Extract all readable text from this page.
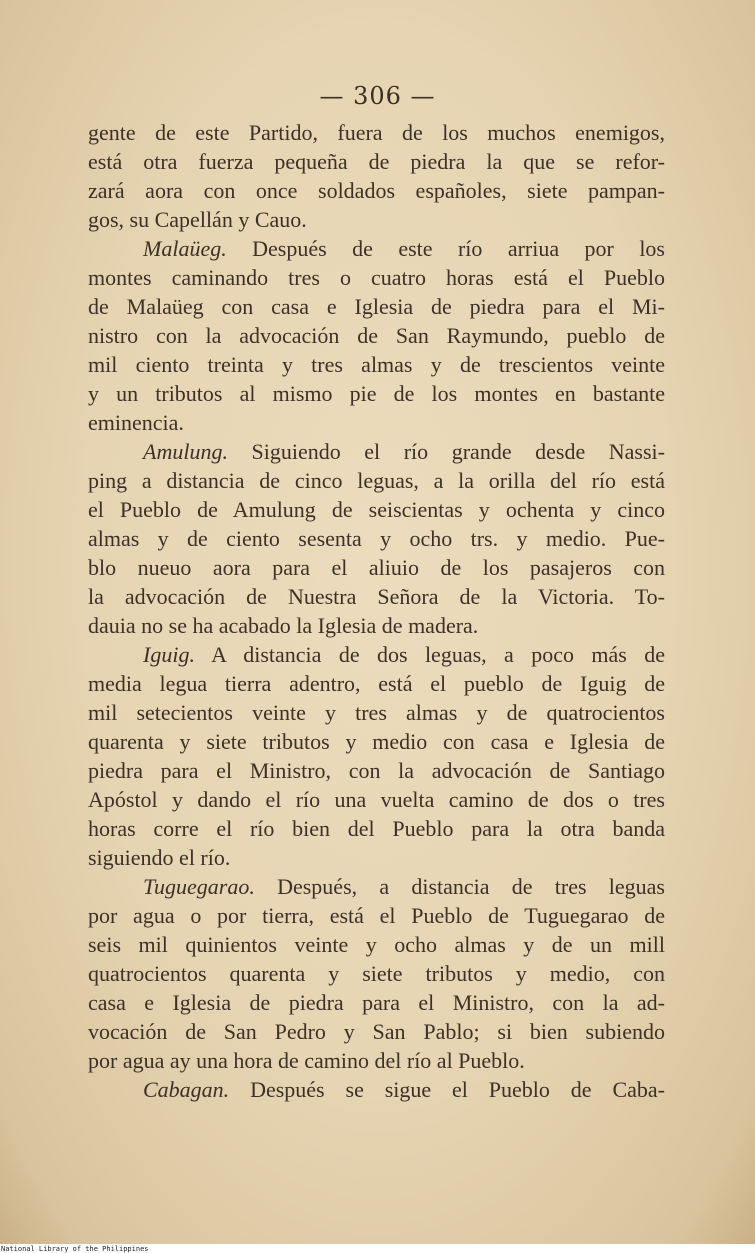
— 306 —
gente de este Partido, fuera de los muchos enemigos,
está otra fuerza pequeña de piedra la que se refor-
zará aora con once soldados españoles, siete pampan-
gos, su Capellán y Cauo.
Malaüeg. Después de este río arriua por los
montes caminando tres o cuatro horas está el Pueblo
de Malaüeg con casa e Iglesia de piedra para el Mi-
nistro con la advocación de San Raymundo, pueblo de
mil ciento treinta y tres almas y de trescientos veinte
y un tributos al mismo pie de los montes en bastante
eminencia.
Amulung. Siguiendo el río grande desde Nassi-
ping a distancia de cinco leguas, a la orilla del río está
el Pueblo de Amulung de seiscientas y ochenta y cinco
almas y de ciento sesenta y ocho trs. y medio. Pue-
blo nueuo aora para el aliuio de los pasajeros con
la advocación de Nuestra Señora de la Victoria. To-
dauia no se ha acabado la Iglesia de madera.
Iguig. A distancia de dos leguas, a poco más de
media legua tierra adentro, está el pueblo de Iguig de
mil setecientos veinte y tres almas y de quatrocientos
quarenta y siete tributos y medio con casa e Iglesia de
piedra para el Ministro, con la advocación de Santiago
Apóstol y dando el río una vuelta camino de dos o tres
horas corre el río bien del Pueblo para la otra banda
siguiendo el río.
Tuguegarao. Después, a distancia de tres leguas
por agua o por tierra, está el Pueblo de Tuguegarao de
seis mil quinientos veinte y ocho almas y de un mill
quatrocientos quarenta y siete tributos y medio, con
casa e Iglesia de piedra para el Ministro, con la ad-
vocación de San Pedro y San Pablo; si bien subiendo
por agua ay una hora de camino del río al Pueblo.
Cabagan. Después se sigue el Pueblo de Caba-
National Library of the Philippines
